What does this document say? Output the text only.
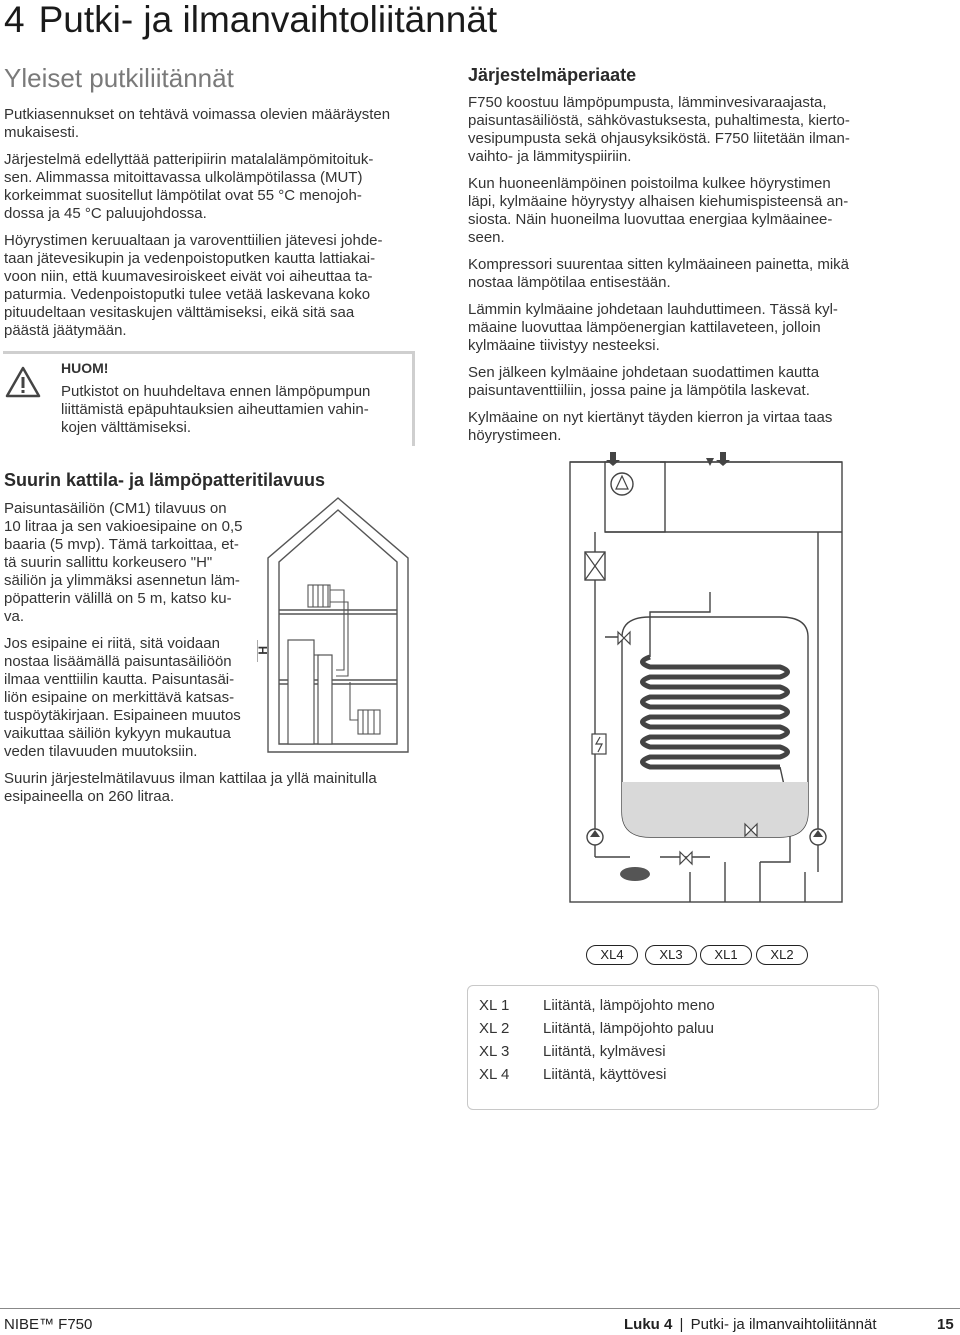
4 Putki- ja ilmanvaihtoliitännät
Yleiset putkiliitännät
Putkiasennukset on tehtävä voimassa olevien määräysten
mukaisesti.
Järjestelmä edellyttää patteripiirin matalalämpömitoituk-
sen. Alimmassa mitoittavassa ulkolämpötilassa (MUT)
korkeimmat suositellut lämpötilat ovat 55 °C menojoh-
dossa ja 45 °C paluujohdossa.
Höyrystimen keruualtaan ja varoventtiilien jätevesi johde-
taan jätevesikupin ja vedenpoistoputken kautta lattiakai-
voon niin, että kuumavesiroiskeet eivät voi aiheuttaa ta-
paturmia. Vedenpoistoputki tulee vetää laskevana koko
pituudeltaan vesitaskujen välttämiseksi, eikä sitä saa
päästä jäätymään.
HUOM!
Putkistot on huuhdeltava ennen lämpöpumpun
liittämistä epäpuhtauksien aiheuttamien vahin-
kojen välttämiseksi.
Suurin kattila- ja lämpöpatteritilavuus
Paisuntasäiliön (CM1) tilavuus on
10 litraa ja sen vakioesipaine on 0,5
baaria (5 mvp). Tämä tarkoittaa, et-
tä suurin sallittu korkeusero "H"
säiliön ja ylimmäksi asennetun läm-
pöpatterin välillä on 5 m, katso ku-
va.
Jos esipaine ei riitä, sitä voidaan
nostaa lisäämällä paisuntasäiliöön
ilmaa venttiilin kautta. Paisuntasäi-
liön esipaine on merkittävä katsas-
tuspöytäkirjaan. Esipaineen muutos
vaikuttaa säiliön kykyyn mukautua
veden tilavuuden muutoksiin.
Suurin järjestelmätilavuus ilman kattilaa ja yllä mainitulla
esipaineella on 260 litraa.
H
Järjestelmäperiaate
F750 koostuu lämpöpumpusta, lämminvesivaraajasta,
paisuntasäiliöstä, sähkövastuksesta, puhaltimesta, kierto-
vesipumpusta sekä ohjausyksiköstä. F750 liitetään ilman-
vaihto- ja lämmityspiiriin.
Kun huoneenlämpöinen poistoilma kulkee höyrystimen
läpi, kylmäaine höyrystyy alhaisen kiehumispisteensä an-
siosta. Näin huoneilma luovuttaa energiaa kylmäainee-
seen.
Kompressori suurentaa sitten kylmäaineen painetta, mikä
nostaa lämpötilaa entisestään.
Lämmin kylmäaine johdetaan lauhduttimeen. Tässä kyl-
mäaine luovuttaa lämpöenergian kattilaveteen, jolloin
kylmäaine tiivistyy nesteeksi.
Sen jälkeen kylmäaine johdetaan suodattimen kautta
paisuntaventtiiliin, jossa paine ja lämpötila laskevat.
Kylmäaine on nyt kiertänyt täyden kierron ja virtaa taas
höyrystimeen.
XL4	XL3	XL1	XL2
XL 1 Liitäntä, lämpöjohto meno
XL 2 Liitäntä, lämpöjohto paluu
XL 3 Liitäntä, kylmävesi
XL 4 Liitäntä, käyttövesi
NIBE™ F750	Luku 4 | Putki- ja ilmanvaihtoliitännät	15
